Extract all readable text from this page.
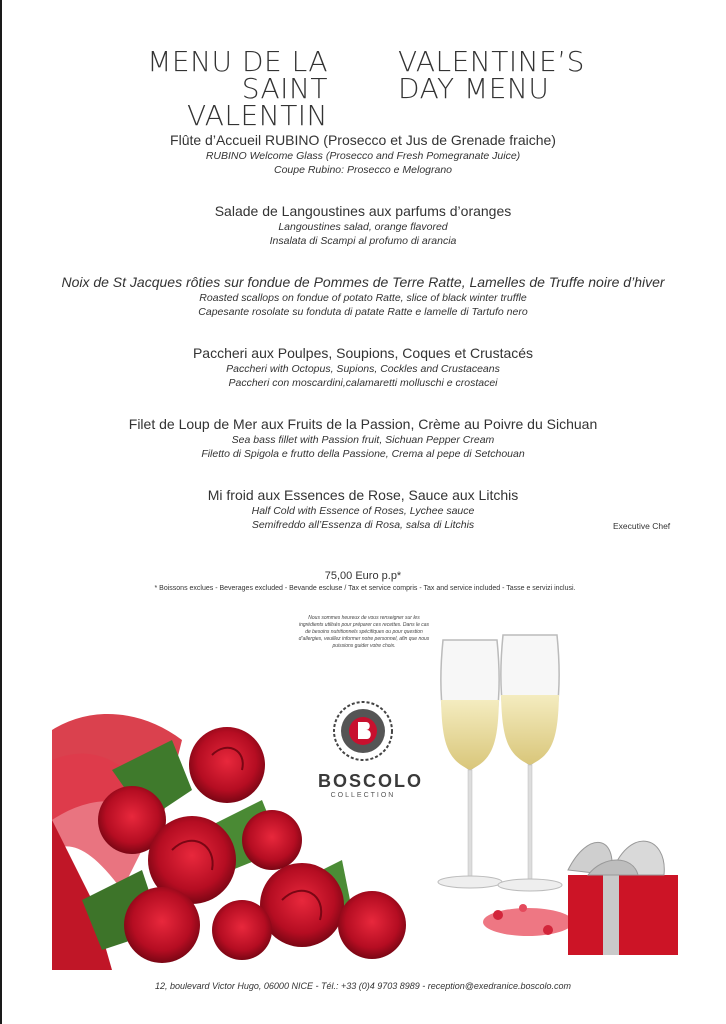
MENU DE LA
SAINT VALENTIN
VALENTINE’S
DAY MENU
Flûte d’Accueil RUBINO (Prosecco et Jus de Grenade fraiche)
RUBINO Welcome Glass (Prosecco and Fresh Pomegranate Juice)
Coupe Rubino: Prosecco e Melograno
Salade de Langoustines aux parfums d’oranges
Langoustines salad, orange flavored
Insalata di Scampi al profumo di arancia
Noix de St Jacques rôties sur fondue de Pommes de Terre Ratte, Lamelles de Truffe noire d’hiver
Roasted scallops on fondue of potato Ratte, slice of black winter truffle
Capesante rosolate su fonduta di patate Ratte e lamelle di Tartufo nero
Paccheri aux Poulpes, Soupions, Coques et Crustacés
Paccheri with Octopus, Supions, Cockles and Crustaceans
Paccheri con moscardini,calamaretti molluschi e crostacei
Filet de Loup de Mer aux Fruits de la Passion, Crème au Poivre du Sichuan
Sea bass fillet with Passion fruit, Sichuan Pepper Cream
Filetto di Spigola e frutto della Passione, Crema al pepe di Setchouan
Mi froid aux Essences de Rose, Sauce aux Litchis
Half Cold with Essence of Roses, Lychee sauce
Semifreddo all’Essenza di Rosa, salsa di Litchis	Executive Chef
75,00 Euro p.p*
* Boissons exclues - Beverages excluded - Bevande escluse / Tax et service compris - Tax and service included - Tasse e servizi inclusi.
Nous sommes heureux de vous renseigner sur les ingrédients utilisés pour préparer ces recettes. Dans le cas de besoins nutritionnels spécifiques ou pour question d’allergies, veuillez informer notre personnel, afin que nous puissions guider votre choix.
BOSCOLO
COLLECTION
12, boulevard Victor Hugo, 06000 NICE - Tél.: +33 (0)4 9703 8989 - reception@exedranice.boscolo.com
